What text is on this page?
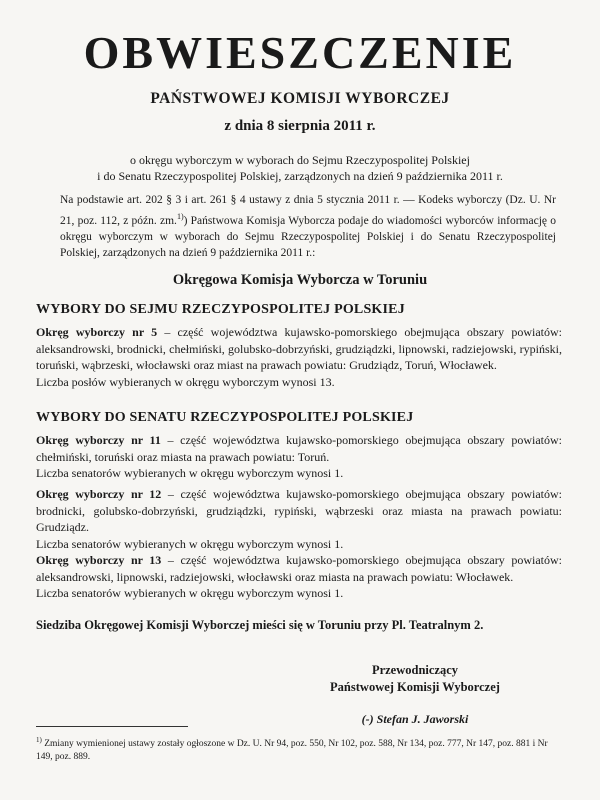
OBWIESZCZENIE
PAŃSTWOWEJ KOMISJI WYBORCZEJ
z dnia 8 sierpnia 2011 r.
o okręgu wyborczym w wyborach do Sejmu Rzeczypospolitej Polskiej
i do Senatu Rzeczypospolitej Polskiej, zarządzonych na dzień 9 października 2011 r.
Na podstawie art. 202 § 3 i art. 261 § 4 ustawy z dnia 5 stycznia 2011 r. — Kodeks wyborczy (Dz. U. Nr 21, poz. 112, z późn. zm.$^{1)}$) Państwowa Komisja Wyborcza podaje do wiadomości wyborców informację o okręgu wyborczym w wyborach do Sejmu Rzeczypospolitej Polskiej i do Senatu Rzeczypospolitej Polskiej, zarządzonych na dzień 9 października 2011 r.:
Okręgowa Komisja Wyborcza w Toruniu
WYBORY DO SEJMU RZECZYPOSPOLITEJ POLSKIEJ

Okręg wyborczy nr 5 – część województwa kujawsko-pomorskiego obejmująca obszary powiatów: aleksandrowski, brodnicki, chełmiński, golubsko-dobrzyński, grudziądzki, lipnowski, radziejowski, rypiński, toruński, wąbrzeski, włocławski oraz miast na prawach powiatu: Grudziądz, Toruń, Włocławek.

Liczba posłów wybieranych w okręgu wyborczym wynosi 13.

WYBORY DO SENATU RZECZYPOSPOLITEJ POLSKIEJ

Okręg wyborczy nr 11 – część województwa kujawsko-pomorskiego obejmująca obszary powiatów: chełmiński, toruński oraz miasta na prawach powiatu: Toruń.

Liczba senatorów wybieranych w okręgu wyborczym wynosi 1.

Okręg wyborczy nr 12 – część województwa kujawsko-pomorskiego obejmująca obszary powiatów: brodnicki, golubsko-dobrzyński, grudziądzki, rypiński, wąbrzeski oraz miasta na prawach powiatu: Grudziądz.

Liczba senatorów wybieranych w okręgu wyborczym wynosi 1.

Okręg wyborczy nr 13 – część województwa kujawsko-pomorskiego obejmująca obszary powiatów: aleksandrowski, lipnowski, radziejowski, włocławski oraz miasta na prawach powiatu: Włocławek.

Liczba senatorów wybieranych w okręgu wyborczym wynosi 1.

Siedziba Okręgowej Komisji Wyborczej mieści się w Toruniu przy Pl. Teatralnym 2.
Przewodniczący
Państwowej Komisji Wyborczej
(-) Stefan J. Jaworski
$^{1)}$ Zmiany wymienionej ustawy zostały ogłoszone w Dz. U. Nr 94, poz. 550, Nr 102, poz. 588, Nr 134, poz. 777, Nr 147, poz. 881 i Nr 149, poz. 889.
